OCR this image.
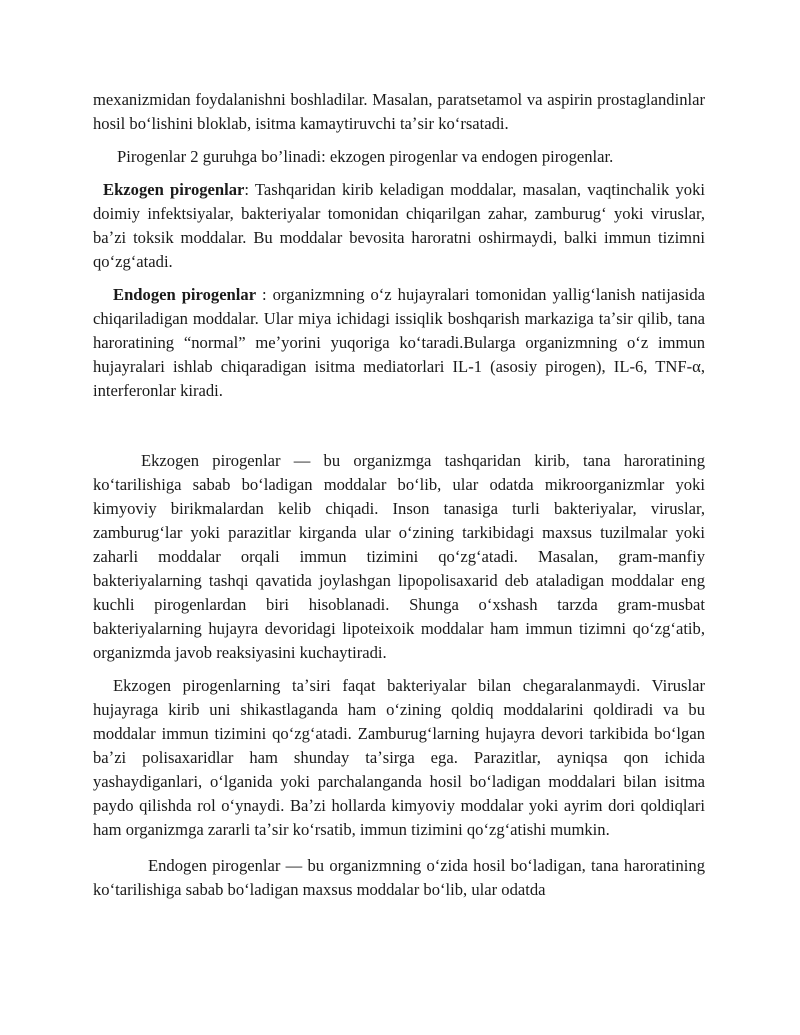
mexanizmidan foydalanishni boshladilar. Masalan, paratsetamol va aspirin prostaglandinlar hosil boʻlishini bloklab, isitma kamaytiruvchi taʼsir koʻrsatadi.

Pirogenlar 2 guruhga bo’linadi: ekzogen pirogenlar va endogen pirogenlar.

Ekzogen pirogenlar: Tashqaridan kirib keladigan moddalar, masalan, vaqtinchalik yoki doimiy infektsiyalar, bakteriyalar tomonidan chiqarilgan zahar, zamburugʻ yoki viruslar, baʼzi toksik moddalar. Bu moddalar bevosita haroratni oshirmaydi, balki immun tizimni qoʻzgʻatadi.

Endogen pirogenlar : organizmning oʻz hujayralari tomonidan yalligʻlanish natijasida chiqariladigan moddalar. Ular miya ichidagi issiqlik boshqarish markaziga taʼsir qilib, tana haroratining “normal” meʼyorini yuqoriga koʻtaradi.Bularga organizmning oʻz immun hujayralari ishlab chiqaradigan isitma mediatorlari IL-1 (asosiy pirogen), IL-6, TNF-α, interferonlar kiradi.

Ekzogen pirogenlar — bu organizmga tashqaridan kirib, tana haroratining koʻtarilishiga sabab boʻladigan moddalar boʻlib, ular odatda mikroorganizmlar yoki kimyoviy birikmalardan kelib chiqadi. Inson tanasiga turli bakteriyalar, viruslar, zamburugʻlar yoki parazitlar kirganda ular oʻzining tarkibidagi maxsus tuzilmalar yoki zaharli moddalar orqali immun tizimini qoʻzgʻatadi. Masalan, gram-manfiy bakteriyalarning tashqi qavatida joylashgan lipopolisaxarid deb ataladigan moddalar eng kuchli pirogenlardan biri hisoblanadi. Shunga oʻxshash tarzda gram-musbat bakteriyalarning hujayra devoridagi lipoteixoik moddalar ham immun tizimni qoʻzgʻatib, organizmda javob reaksiyasini kuchaytiradi.

Ekzogen pirogenlarning taʼsiri faqat bakteriyalar bilan chegaralanmaydi. Viruslar hujayraga kirib uni shikastlaganda ham oʻzining qoldiq moddalarini qoldiradi va bu moddalar immun tizimini qoʻzgʻatadi. Zamburugʻlarning hujayra devori tarkibida boʻlgan baʼzi polisaxaridlar ham shunday taʼsirga ega. Parazitlar, ayniqsa qon ichida yashaydiganlari, oʻlganida yoki parchalanganda hosil boʻladigan moddalari bilan isitma paydo qilishda rol oʻynaydi. Baʼzi hollarda kimyoviy moddalar yoki ayrim dori qoldiqlari ham organizmga zararli taʼsir koʻrsatib, immun tizimini qoʻzgʻatishi mumkin.

Endogen pirogenlar — bu organizmning oʻzida hosil boʻladigan, tana haroratining koʻtarilishiga sabab boʻladigan maxsus moddalar boʻlib, ular odatda
